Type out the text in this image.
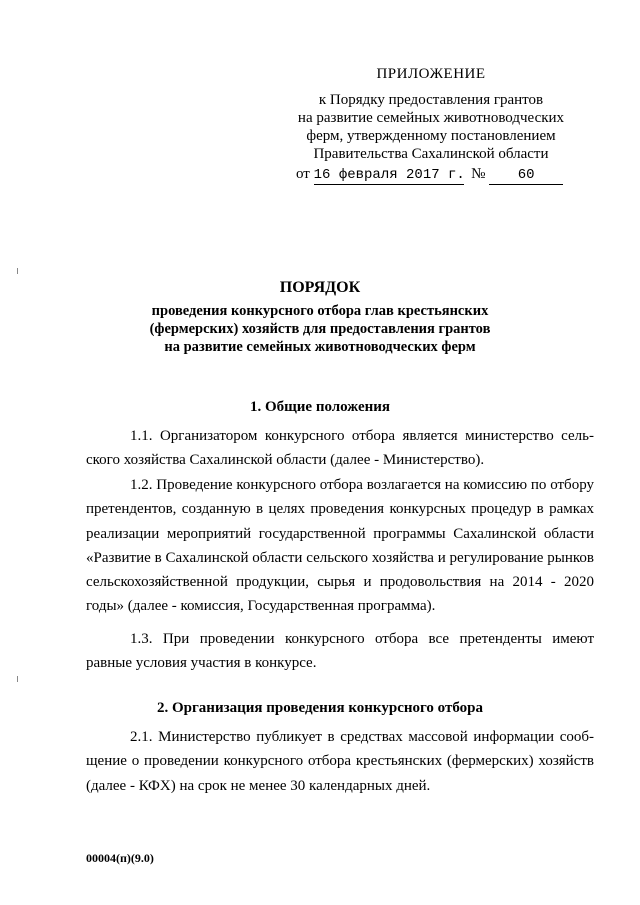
ПРИЛОЖЕНИЕ
к Порядку предоставления грантов
на развитие семейных животноводческих
ферм, утвержденному постановлением
Правительства Сахалинской области
от 16 февраля 2017 г. № 60
ПОРЯДОК
проведения конкурсного отбора глав крестьянских
(фермерских) хозяйств для предоставления грантов
на развитие семейных животноводческих ферм
1. Общие положения
1.1. Организатором конкурсного отбора является министерство сельского хозяйства Сахалинской области (далее - Министерство).
1.2. Проведение конкурсного отбора возлагается на комиссию по отбору претендентов, созданную в целях проведения конкурсных процедур в рамках реализации мероприятий государственной программы Сахалинской области «Развитие в Сахалинской области сельского хозяйства и регулирование рынков сельскохозяйственной продукции, сырья и продовольствия на 2014 - 2020 годы» (далее - комиссия, Государственная программа).
1.3. При проведении конкурсного отбора все претенденты имеют равные условия участия в конкурсе.
2. Организация проведения конкурсного отбора
2.1. Министерство публикует в средствах массовой информации сообщение о проведении конкурсного отбора крестьянских (фермерских) хозяйств (далее - КФХ) на срок не менее 30 календарных дней.
00004(п)(9.0)
